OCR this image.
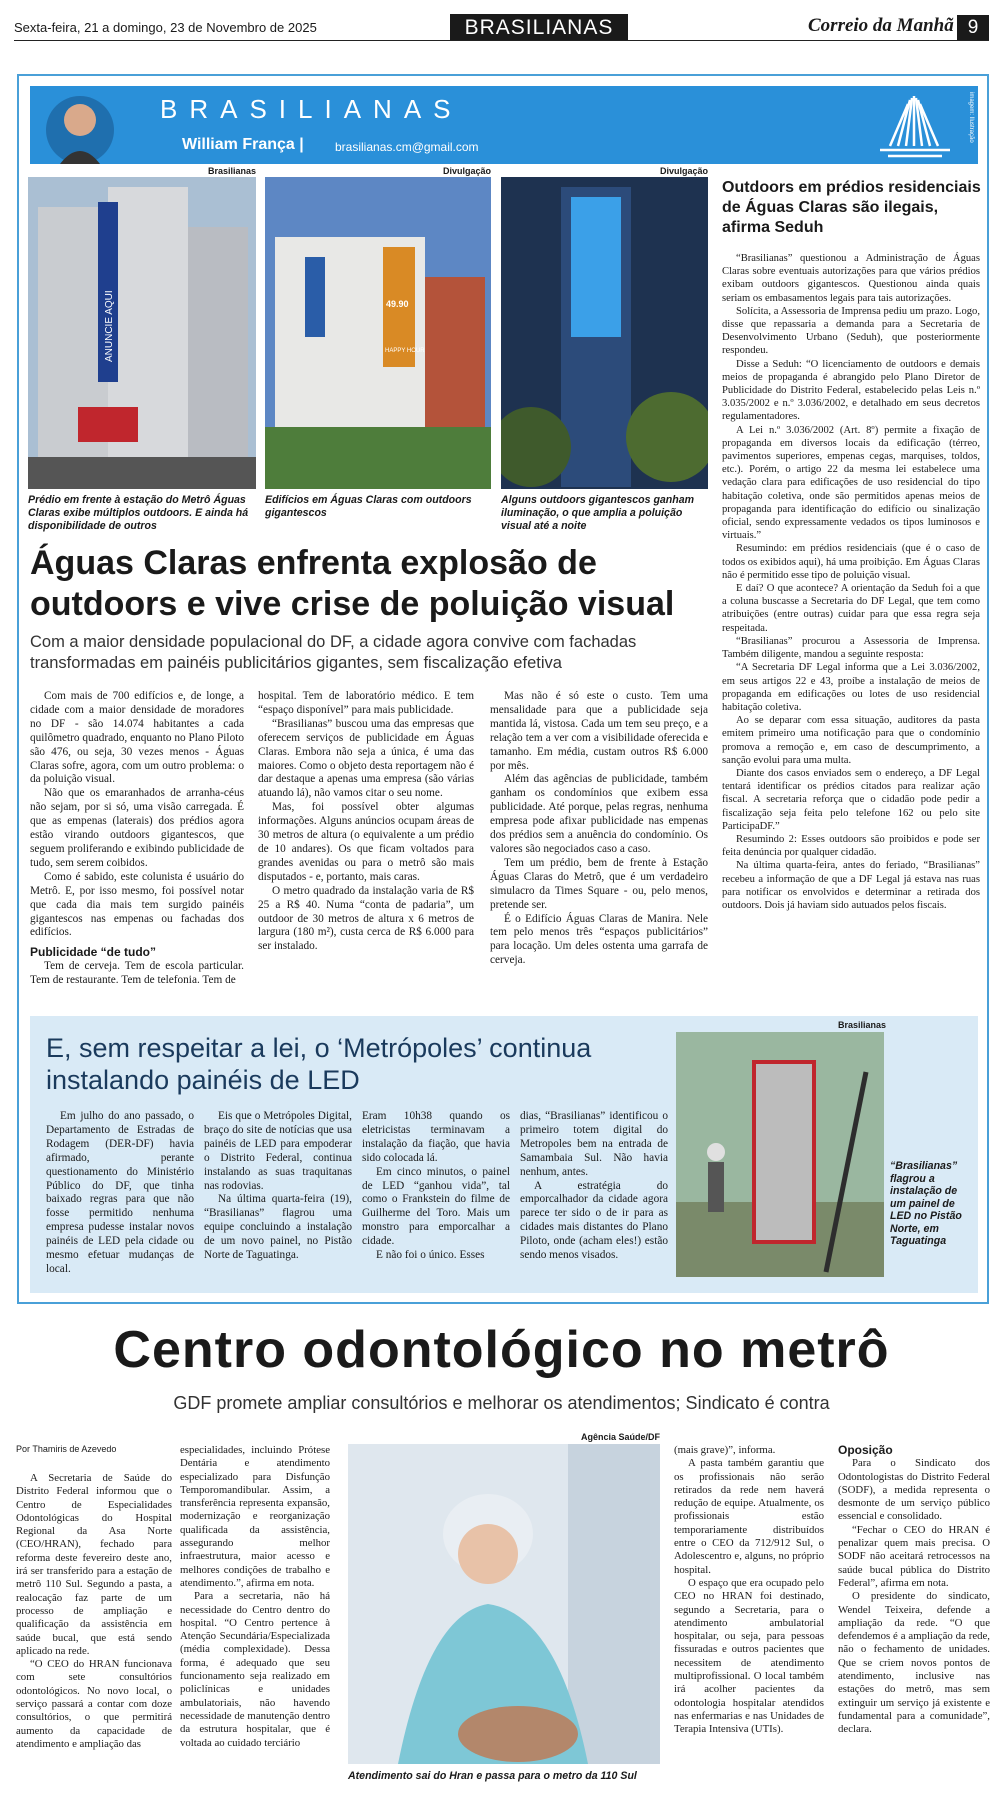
Sexta-feira, 21 a domingo, 23 de Novembro de 2025	BRASILIANAS	Correio da Manhã 9
BRASILIANAS
William França |	brasilianas.cm@gmail.com
imagem: Ilustração
Brasilianas
ANUNCIE AQUI
Prédio em frente à estação do Metrô Águas Claras exibe múltiplos outdoors. E ainda há disponibilidade de outros
Divulgação
49.90
HAPPY HOUR
Edifícios em Águas Claras com outdoors gigantescos
Divulgação
Alguns outdoors gigantescos ganham iluminação, o que amplia a poluição visual até a noite
Águas Claras enfrenta explosão de outdoors e vive crise de poluição visual
Com a maior densidade populacional do DF, a cidade agora convive com fachadas transformadas em painéis publicitários gigantes, sem fiscalização efetiva

Com mais de 700 edifícios e, de longe, a cidade com a maior densidade de moradores no DF - são 14.074 habitantes a cada quilômetro quadrado, enquanto no Plano Piloto são 476, ou seja, 30 vezes menos - Águas Claras sofre, agora, com um outro problema: o da poluição visual.

Não que os emaranhados de arranha-céus não sejam, por si só, uma visão carregada. É que as empenas (laterais) dos prédios agora estão virando outdoors gigantescos, que seguem proliferando e exibindo publicidade de tudo, sem serem coibidos.

Como é sabido, este colunista é usuário do Metrô. E, por isso mesmo, foi possível notar que cada dia mais tem surgido painéis gigantescos nas empenas ou fachadas dos edifícios.

Publicidade “de tudo”

Tem de cerveja. Tem de escola particular. Tem de restaurante. Tem de telefonia. Tem de

hospital. Tem de laboratório médico. E tem “espaço disponível” para mais publicidade.

“Brasilianas” buscou uma das empresas que oferecem serviços de publicidade em Águas Claras. Embora não seja a única, é uma das maiores. Como o objeto desta reportagem não é dar destaque a apenas uma empresa (são várias atuando lá), não vamos citar o seu nome.

Mas, foi possível obter algumas informações. Alguns anúncios ocupam áreas de 30 metros de altura (o equivalente a um prédio de 10 andares). Os que ficam voltados para grandes avenidas ou para o metrô são mais disputados - e, portanto, mais caras.

O metro quadrado da instalação varia de R$ 25 a R$ 40. Numa “conta de padaria”, um outdoor de 30 metros de altura x 6 metros de largura (180 m²), custa cerca de R$ 6.000 para ser instalado.

Mas não é só este o custo. Tem uma mensalidade para que a publicidade seja mantida lá, vistosa. Cada um tem seu preço, e a relação tem a ver com a visibilidade oferecida e tamanho. Em média, custam outros R$ 6.000 por mês.

Além das agências de publicidade, também ganham os condomínios que exibem essa publicidade. Até porque, pelas regras, nenhuma empresa pode afixar publicidade nas empenas dos prédios sem a anuência do condomínio. Os valores são negociados caso a caso.

Tem um prédio, bem de frente à Estação Águas Claras do Metrô, que é um verdadeiro simulacro da Times Square - ou, pelo menos, pretende ser.

É o Edifício Águas Claras de Manira. Nele tem pelo menos três “espaços publicitários” para locação. Um deles ostenta uma garrafa de cerveja.

Outdoors em prédios residenciais de Águas Claras são ilegais, afirma Seduh

“Brasilianas” questionou a Administração de Águas Claras sobre eventuais autorizações para que vários prédios exibam outdoors gigantescos. Questionou ainda quais seriam os embasamentos legais para tais autorizações.

Solícita, a Assessoria de Imprensa pediu um prazo. Logo, disse que repassaria a demanda para a Secretaria de Desenvolvimento Urbano (Seduh), que posteriormente respondeu.

Disse a Seduh: “O licenciamento de outdoors e demais meios de propaganda é abrangido pelo Plano Diretor de Publicidade do Distrito Federal, estabelecido pelas Leis n.º 3.035/2002 e n.º 3.036/2002, e detalhado em seus decretos regulamentadores.

A Lei n.º 3.036/2002 (Art. 8º) permite a fixação de propaganda em diversos locais da edificação (térreo, pavimentos superiores, empenas cegas, marquises, toldos, etc.). Porém, o artigo 22 da mesma lei estabelece uma vedação clara para edificações de uso residencial do tipo habitação coletiva, onde são permitidos apenas meios de propaganda para identificação do edifício ou sinalização oficial, sendo expressamente vedados os tipos luminosos e virtuais.”

Resumindo: em prédios residenciais (que é o caso de todos os exibidos aqui), há uma proibição. Em Águas Claras não é permitido esse tipo de poluição visual.

E daí? O que acontece? A orientação da Seduh foi a que a coluna buscasse a Secretaria do DF Legal, que tem como atribuições (entre outras) cuidar para que essa regra seja respeitada.

“Brasilianas” procurou a Assessoria de Imprensa. Também diligente, mandou a seguinte resposta:

“A Secretaria DF Legal informa que a Lei 3.036/2002, em seus artigos 22 e 43, proíbe a instalação de meios de propaganda em edificações ou lotes de uso residencial habitação coletiva.

Ao se deparar com essa situação, auditores da pasta emitem primeiro uma notificação para que o condomínio promova a remoção e, em caso de descumprimento, a sanção evolui para uma multa.

Diante dos casos enviados sem o endereço, a DF Legal tentará identificar os prédios citados para realizar ação fiscal. A secretaria reforça que o cidadão pode pedir a fiscalização seja feita pelo telefone 162 ou pelo site ParticipaDF.”

Resumindo 2: Esses outdoors são proibidos e pode ser feita denúncia por qualquer cidadão.

Na última quarta-feira, antes do feriado, “Brasilianas” recebeu a informação de que a DF Legal já estava nas ruas para notificar os envolvidos e determinar a retirada dos outdoors. Dois já haviam sido autuados pelos fiscais.

E, sem respeitar a lei, o ‘Metrópoles’ continua instalando painéis de LED

Em julho do ano passado, o Departamento de Estradas de Rodagem (DER-DF) havia afirmado, perante questionamento do Ministério Público do DF, que tinha baixado regras para que não fosse permitido nenhuma empresa pudesse instalar novos painéis de LED pela cidade ou mesmo efetuar mudanças de local.

Eis que o Metrópoles Digital, braço do site de notícias que usa painéis de LED para empoderar o Distrito Federal, continua instalando as suas traquitanas nas rodovias.

Na última quarta-feira (19), “Brasilianas” flagrou uma equipe concluindo a instalação de um novo painel, no Pistão Norte de Taguatinga.

Eram 10h38 quando os eletricistas terminavam a instalação da fiação, que havia sido colocada lá.

Em cinco minutos, o painel de LED “ganhou vida”, tal como o Frankstein do filme de Guilherme del Toro. Mais um monstro para emporcalhar a cidade.

E não foi o único. Esses

dias, “Brasilianas” identificou o primeiro totem digital do Metropoles bem na entrada de Samambaia Sul. Não havia nenhum, antes.

A estratégia do emporcalhador da cidade agora parece ter sido o de ir para as cidades mais distantes do Plano Piloto, onde (acham eles!) estão sendo menos visados.

Brasilianas
“Brasilianas” flagrou a instalação de um painel de LED no Pistão Norte, em Taguatinga
Centro odontológico no metrô
GDF promete ampliar consultórios e melhorar os atendimentos; Sindicato é contra
Por Thamiris de Azevedo

A Secretaria de Saúde do Distrito Federal informou que o Centro de Especialidades Odontológicas do Hospital Regional da Asa Norte (CEO/HRAN), fechado para reforma deste fevereiro deste ano, irá ser transferido para a estação de metrô 110 Sul. Segundo a pasta, a realocação faz parte de um processo de ampliação e qualificação da assistência em saúde bucal, que está sendo aplicado na rede.

“O CEO do HRAN funcionava com sete consultórios odontológicos. No novo local, o serviço passará a contar com doze consultórios, o que permitirá aumento da capacidade de atendimento e ampliação das

especialidades, incluindo Prótese Dentária e atendimento especializado para Disfunção Temporomandibular. Assim, a transferência representa expansão, modernização e reorganização qualificada da assistência, assegurando melhor infraestrutura, maior acesso e melhores condições de trabalho e atendimento.”, afirma em nota.

Para a secretaria, não há necessidade do Centro dentro do hospital. “O Centro pertence à Atenção Secundária/Especializada (média complexidade). Dessa forma, é adequado que seu funcionamento seja realizado em policlínicas e unidades ambulatoriais, não havendo necessidade de manutenção dentro da estrutura hospitalar, que é voltada ao cuidado terciário

Agência Saúde/DF
Atendimento sai do Hran e passa para o metro da 110 Sul

(mais grave)”, informa.

A pasta também garantiu que os profissionais não serão retirados da rede nem haverá redução de equipe. Atualmente, os profissionais estão temporariamente distribuídos entre o CEO da 712/912 Sul, o Adolescentro e, alguns, no próprio hospital.

O espaço que era ocupado pelo CEO no HRAN foi destinado, segundo a Secretaria, para o atendimento ambulatorial hospitalar, ou seja, para pessoas fissuradas e outros pacientes que necessitem de atendimento multiprofissional. O local também irá acolher pacientes da odontologia hospitalar atendidos nas enfermarias e nas Unidades de Terapia Intensiva (UTIs).

Oposição

Para o Sindicato dos Odontologistas do Distrito Federal (SODF), a medida representa o desmonte de um serviço público essencial e consolidado.

“Fechar o CEO do HRAN é penalizar quem mais precisa. O SODF não aceitará retrocessos na saúde bucal pública do Distrito Federal”, afirma em nota.

O presidente do sindicato, Wendel Teixeira, defende a ampliação da rede. “O que defendemos é a ampliação da rede, não o fechamento de unidades. Que se criem novos pontos de atendimento, inclusive nas estações do metrô, mas sem extinguir um serviço já existente e fundamental para a comunidade”, declara.
